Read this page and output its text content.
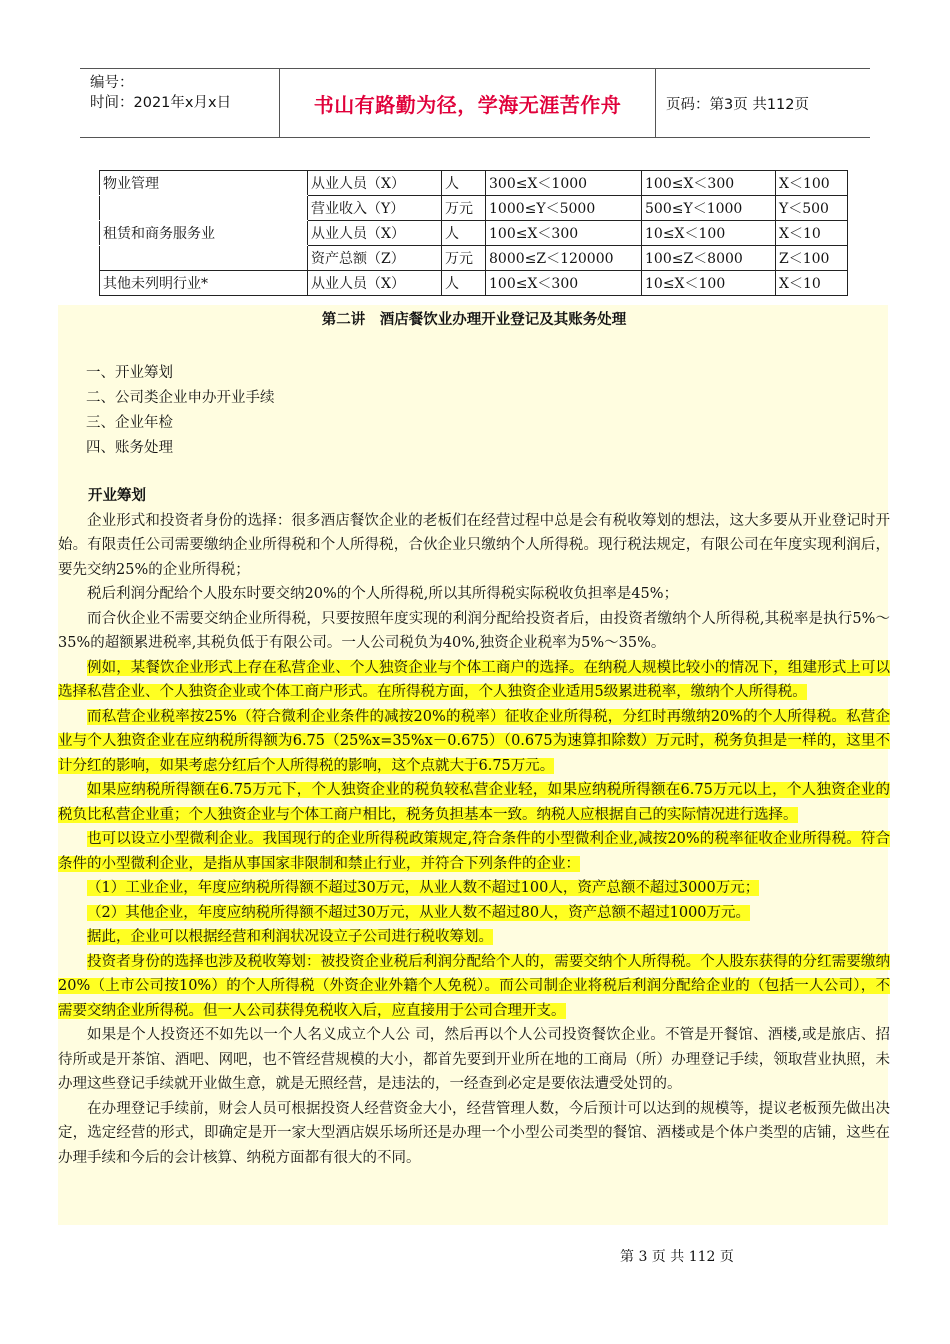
编号：
时间：2021年x月x日	书山有路勤为径，学海无涯苦作舟	页码：第3页 共112页
物业管理	从业人员（X）	人	300≤X＜1000	100≤X＜300	X＜100
	营业收入（Y）	万元	1000≤Y＜5000	500≤Y＜1000	Y＜500
租赁和商务服务业	从业人员（X）	人	100≤X＜300	10≤X＜100	X＜10
	资产总额（Z）	万元	8000≤Z＜120000	100≤Z＜8000	Z＜100
其他未列明行业*	从业人员（X）	人	100≤X＜300	10≤X＜100	X＜10
第二讲　酒店餐饮业办理开业登记及其账务处理
一、开业筹划
二、公司类企业申办开业手续
三、企业年检
四、账务处理
开业筹划

企业形式和投资者身份的选择：很多酒店餐饮企业的老板们在经营过程中总是会有税收筹划的想法，这大多要从开业登记时开始。有限责任公司需要缴纳企业所得税和个人所得税，合伙企业只缴纳个人所得税。现行税法规定，有限公司在年度实现利润后，要先交纳25%的企业所得税；

税后利润分配给个人股东时要交纳20%的个人所得税,所以其所得税实际税收负担率是45%；

而合伙企业不需要交纳企业所得税，只要按照年度实现的利润分配给投资者后，由投资者缴纳个人所得税,其税率是执行5%～35%的超额累进税率,其税负低于有限公司。一人公司税负为40%,独资企业税率为5%～35%。

例如，某餐饮企业形式上存在私营企业、个人独资企业与个体工商户的选择。在纳税人规模比较小的情况下，组建形式上可以选择私营企业、个人独资企业或个体工商户形式。在所得税方面，个人独资企业适用5级累进税率，缴纳个人所得税。

而私营企业税率按25%（符合微利企业条件的减按20%的税率）征收企业所得税，分红时再缴纳20%的个人所得税。私营企业与个人独资企业在应纳税所得额为6.75（25%x=35%x－0.675）（0.675为速算扣除数）万元时，税务负担是一样的，这里不计分红的影响，如果考虑分红后个人所得税的影响，这个点就大于6.75万元。

如果应纳税所得额在6.75万元下，个人独资企业的税负较私营企业轻，如果应纳税所得额在6.75万元以上，个人独资企业的税负比私营企业重；个人独资企业与个体工商户相比，税务负担基本一致。纳税人应根据自己的实际情况进行选择。

也可以设立小型微利企业。我国现行的企业所得税政策规定,符合条件的小型微利企业,减按20%的税率征收企业所得税。符合条件的小型微利企业，是指从事国家非限制和禁止行业，并符合下列条件的企业：

（1）工业企业，年度应纳税所得额不超过30万元，从业人数不超过100人，资产总额不超过3000万元；

（2）其他企业，年度应纳税所得额不超过30万元，从业人数不超过80人，资产总额不超过1000万元。

据此，企业可以根据经营和利润状况设立子公司进行税收筹划。

投资者身份的选择也涉及税收筹划：被投资企业税后利润分配给个人的，需要交纳个人所得税。个人股东获得的分红需要缴纳20%（上市公司按10%）的个人所得税（外资企业外籍个人免税）。而公司制企业将税后利润分配给企业的（包括一人公司），不需要交纳企业所得税。但一人公司获得免税收入后，应直接用于公司合理开支。

如果是个人投资还不如先以一个人名义成立个人公 司，然后再以个人公司投资餐饮企业。不管是开餐馆、酒楼,或是旅店、招待所或是开茶馆、酒吧、网吧，也不管经营规模的大小，都首先要到开业所在地的工商局（所）办理登记手续，领取营业执照，未办理这些登记手续就开业做生意，就是无照经营，是违法的，一经查到必定是要依法遭受处罚的。

在办理登记手续前，财会人员可根据投资人经营资金大小，经营管理人数，今后预计可以达到的规模等，提议老板预先做出决定，选定经营的形式，即确定是开一家大型酒店娱乐场所还是办理一个小型公司类型的餐馆、酒楼或是个体户类型的店铺，这些在办理手续和今后的会计核算、纳税方面都有很大的不同。

第 3 页 共 112 页
